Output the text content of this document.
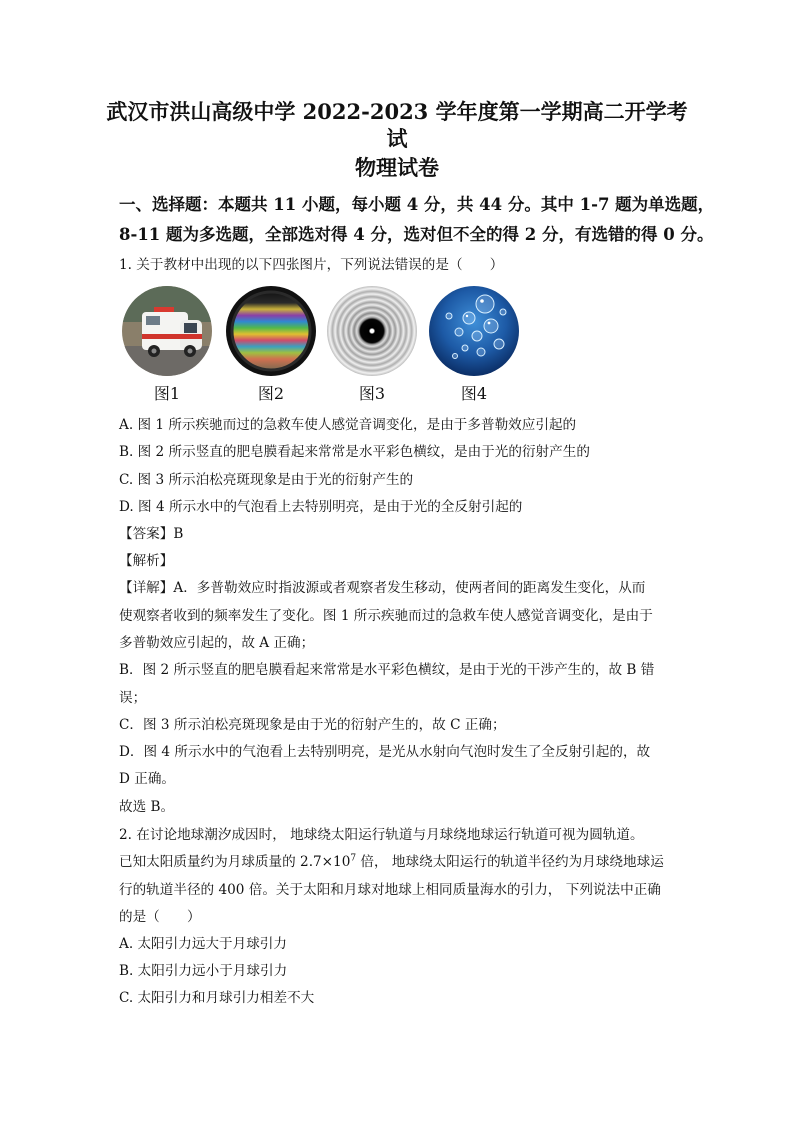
武汉市洪山高级中学 2022-2023 学年度第一学期高二开学考
试
物理试卷
一、选择题：本题共 11 小题，每小题 4 分，共 44 分。其中 1-7 题为单选题，
8-11 题为多选题，全部选对得 4 分，选对但不全的得 2 分，有选错的得 0 分。
1. 关于教材中出现的以下四张图片，下列说法错误的是（　　）
图1	图2	图3	图4
A. 图 1 所示疾驰而过的急救车使人感觉音调变化，是由于多普勒效应引起的
B. 图 2 所示竖直的肥皂膜看起来常常是水平彩色横纹，是由于光的衍射产生的
C. 图 3 所示泊松亮斑现象是由于光的衍射产生的
D. 图 4 所示水中的气泡看上去特别明亮，是由于光的全反射引起的
【答案】B
【解析】
【详解】A．多普勒效应时指波源或者观察者发生移动，使两者间的距离发生变化，从而
使观察者收到的频率发生了变化。图 1 所示疾驰而过的急救车使人感觉音调变化，是由于
多普勒效应引起的，故 A 正确；
B．图 2 所示竖直的肥皂膜看起来常常是水平彩色横纹，是由于光的干涉产生的，故 B 错
误；
C．图 3 所示泊松亮斑现象是由于光的衍射产生的，故 C 正确；
D．图 4 所示水中的气泡看上去特别明亮，是光从水射向气泡时发生了全反射引起的，故
D 正确。
故选 B。
2. 在讨论地球潮汐成因时， 地球绕太阳运行轨道与月球绕地球运行轨道可视为圆轨道。
已知太阳质量约为月球质量的 $2.7\times 10^7$ 倍， 地球绕太阳运行的轨道半径约为月球绕地球运
行的轨道半径的 400 倍。关于太阳和月球对地球上相同质量海水的引力， 下列说法中正确
的是（　　）
A. 太阳引力远大于月球引力
B. 太阳引力远小于月球引力
C. 太阳引力和月球引力相差不大
